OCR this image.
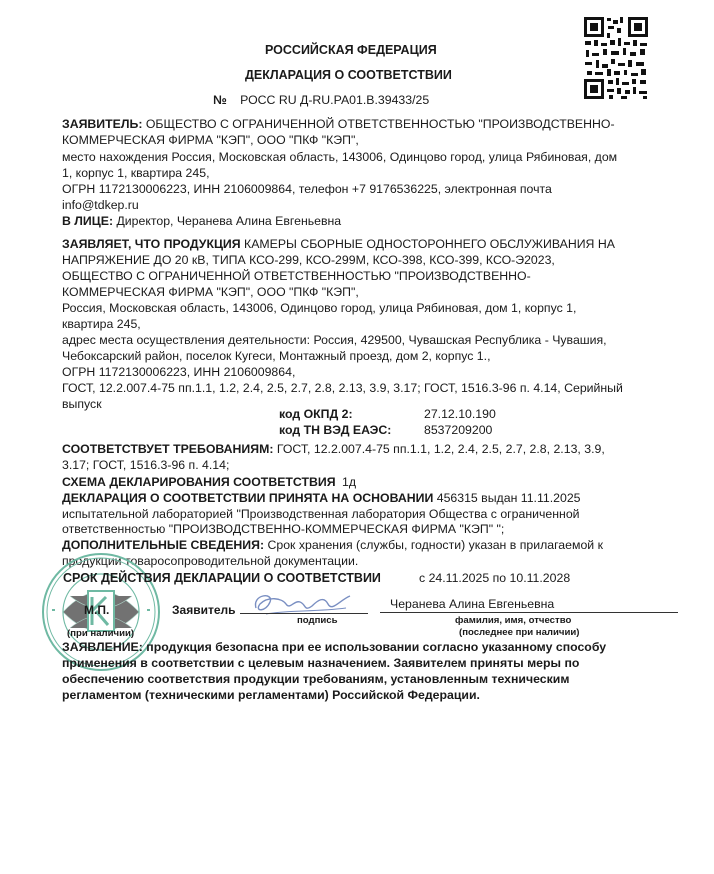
РОССИЙСКАЯ ФЕДЕРАЦИЯ
ДЕКЛАРАЦИЯ О СООТВЕТСТВИИ
№ РОСС RU Д-RU.РА01.В.39433/25
ЗАЯВИТЕЛЬ: ОБЩЕСТВО С ОГРАНИЧЕННОЙ ОТВЕТСТВЕННОСТЬЮ "ПРОИЗВОДСТВЕННО-
КОММЕРЧЕСКАЯ ФИРМА "КЭП", ООО "ПКФ "КЭП",
место нахождения Россия, Московская область, 143006, Одинцово город, улица Рябиновая, дом
1, корпус 1, квартира 245,
ОГРН 1172130006223, ИНН 2106009864, телефон +7 9176536225, электронная почта
info@tdkep.ru
В ЛИЦЕ: Директор, Черанева Алина Евгеньевна
ЗАЯВЛЯЕТ, ЧТО ПРОДУКЦИЯ КАМЕРЫ СБОРНЫЕ ОДНОСТОРОННЕГО ОБСЛУЖИВАНИЯ НА
НАПРЯЖЕНИЕ ДО 20 кВ, ТИПА КСО-299, КСО-299М, КСО-398, КСО-399, КСО-Э2023,
ОБЩЕСТВО С ОГРАНИЧЕННОЙ ОТВЕТСТВЕННОСТЬЮ "ПРОИЗВОДСТВЕННО-
КОММЕРЧЕСКАЯ ФИРМА "КЭП", ООО "ПКФ "КЭП",
Россия, Московская область, 143006, Одинцово город, улица Рябиновая, дом 1, корпус 1,
квартира 245,
адрес места осуществления деятельности: Россия, 429500, Чувашская Республика - Чувашия,
Чебоксарский район, поселок Кугеси, Монтажный проезд, дом 2, корпус 1.,
ОГРН 1172130006223, ИНН 2106009864,
ГОСТ, 12.2.007.4-75 пп.1.1, 1.2, 2.4, 2.5, 2.7, 2.8, 2.13, 3.9, 3.17; ГОСТ, 1516.3-96 п. 4.14, Серийный
выпуск
код ОКПД 2:	27.12.10.190
код ТН ВЭД ЕАЭС:	8537209200
СООТВЕТСТВУЕТ ТРЕБОВАНИЯМ: ГОСТ, 12.2.007.4-75 пп.1.1, 1.2, 2.4, 2.5, 2.7, 2.8, 2.13, 3.9,
3.17; ГОСТ, 1516.3-96 п. 4.14;
СХЕМА ДЕКЛАРИРОВАНИЯ СООТВЕТСТВИЯ 1д
ДЕКЛАРАЦИЯ О СООТВЕТСТВИИ ПРИНЯТА НА ОСНОВАНИИ 456315 выдан 11.11.2025
испытательной лабораторией "Производственная лаборатория Общества с ограниченной
ответственностью "ПРОИЗВОДСТВЕННО-КОММЕРЧЕСКАЯ ФИРМА "КЭП" ";
ДОПОЛНИТЕЛЬНЫЕ СВЕДЕНИЯ: Срок хранения (службы, годности) указан в прилагаемой к
продукции товаросопроводительной документации.
СРОК ДЕЙСТВИЯ ДЕКЛАРАЦИИ О СООТВЕТСТВИИ	с 24.11.2025 по 10.11.2028
М.П.	Заявитель	Черанева Алина Евгеньевна
подпись	фамилия, имя, отчество
(последнее при наличии)
(при наличии)
ЗАЯВЛЕНИЕ: продукция безопасна при ее использовании согласно указанному способу
применения в соответствии с целевым назначением. Заявителем приняты меры по
обеспечению соответствия продукции требованиям, установленным техническим
регламентом (техническими регламентами) Российской Федерации.
